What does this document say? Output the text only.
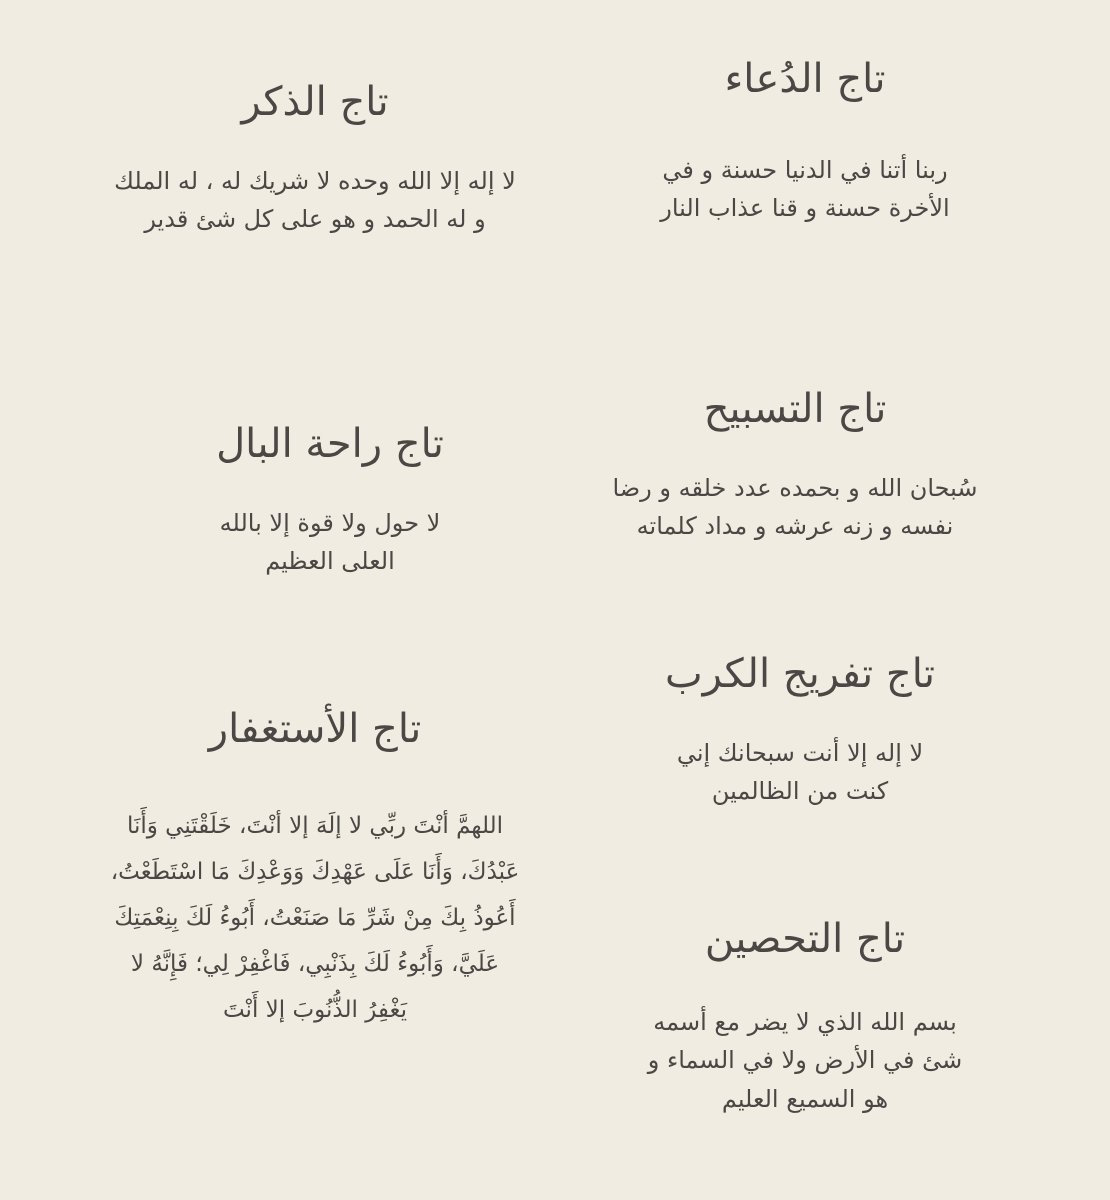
تاج الدُعاء
ربنا أتنا في الدنيا حسنة و في
الأخرة حسنة و قنا عذاب النار
تاج التسبيح
سُبحان الله و بحمده عدد خلقه و رضا
نفسه و زنه عرشه و مداد كلماته
تاج تفريج الكرب
لا إله إلا أنت سبحانك إني
كنت من الظالمين
تاج التحصين
بسم الله الذي لا يضر مع أسمه
شئ في الأرض ولا في السماء و
هو السميع العليم
تاج الذكر
لا إله إلا الله وحده لا شريك له ، له الملك
و له الحمد و هو على كل شئ قدير
تاج راحة البال
لا حول ولا قوة إلا بالله
العلى العظيم
تاج الأستغفار
اللهمَّ أنْتَ ربِّي لا إلَهَ إلا أنْتَ، خَلَقْتَنِي وَأَنَا
عَبْدُكَ، وَأَنَا عَلَى عَهْدِكَ وَوَعْدِكَ مَا اسْتَطَعْتُ،
أَعُوذُ بِكَ مِنْ شَرِّ مَا صَنَعْتُ، أَبُوءُ لَكَ بِنِعْمَتِكَ
عَلَيَّ، وَأَبُوءُ لَكَ بِذَنْبِي، فَاغْفِرْ لِي؛ فَإِنَّهُ لا
يَغْفِرُ الذُّنُوبَ إلا أَنْتَ
